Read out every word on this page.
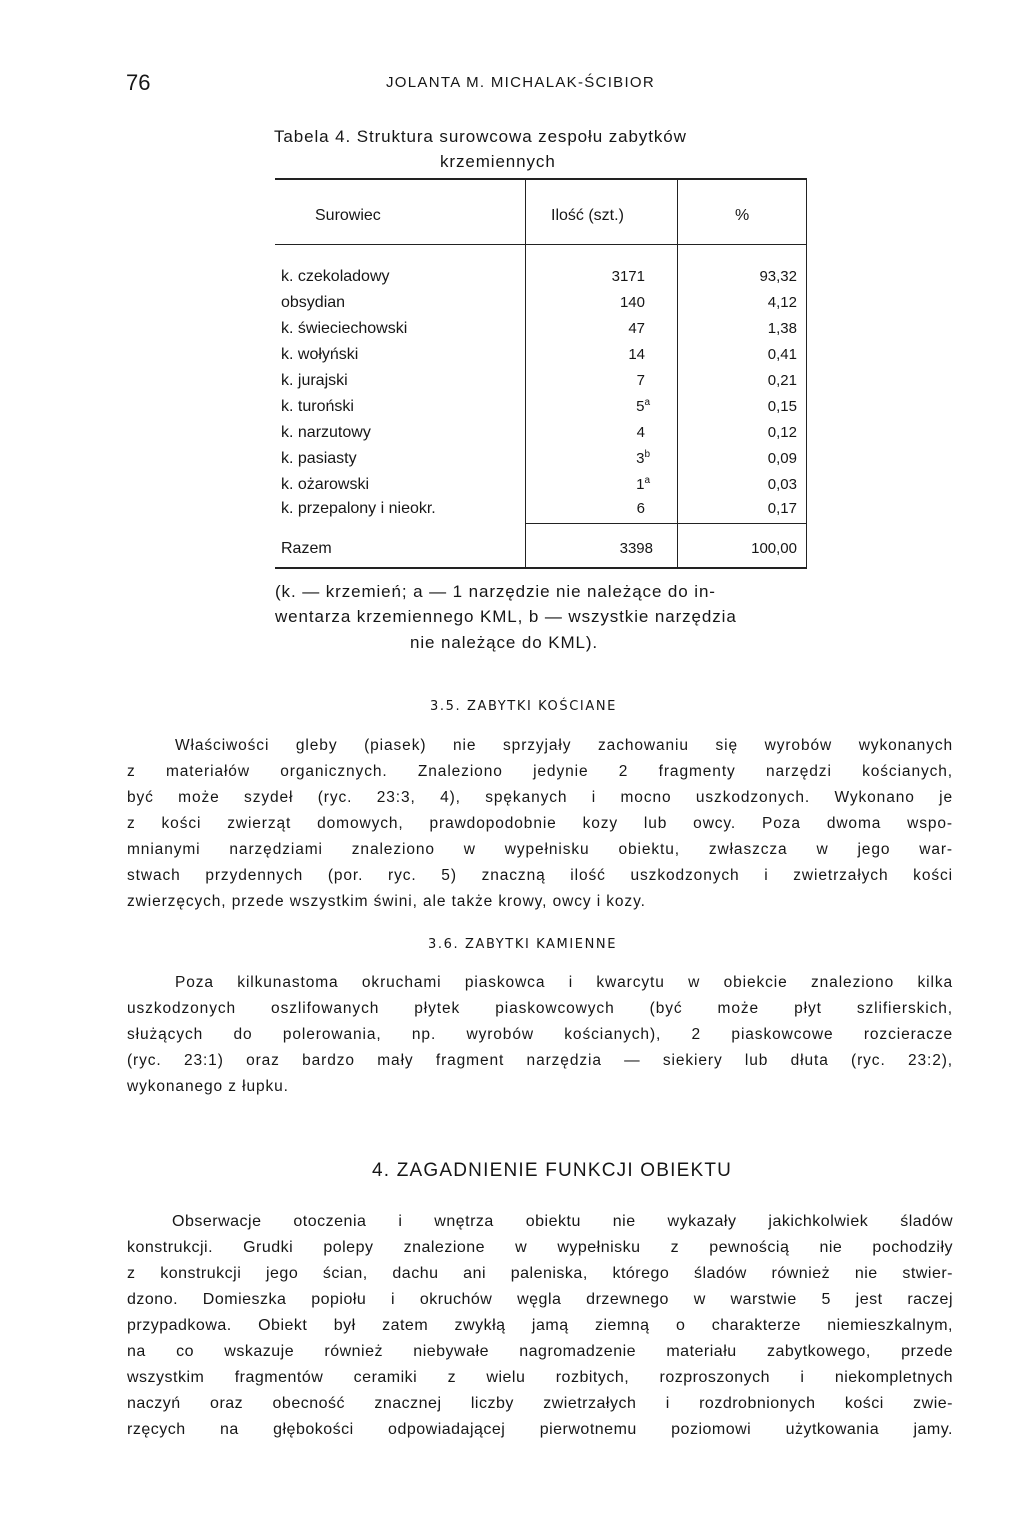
76	JOLANTA M. MICHALAK-ŚCIBIOR
Tabela 4. Struktura surowcowa zespołu zabytków
krzemiennych
Surowiec	Ilość (szt.)	%
k. czekoladowy	3171	93,32
obsydian	140	4,12
k. świeciechowski	47	1,38
k. wołyński	14	0,41
k. jurajski	7	0,21
k. turoński	5$^a$	0,15
k. narzutowy	4	0,12
k. pasiasty	3$^b$	0,09
k. ożarowski	1$^a$	0,03
k. przepalony i nieokr.	6	0,17
Razem	3398	100,00
(k. — krzemień; a — 1 narzędzie nie należące do in-
wentarza krzemiennego KML, b — wszystkie narzędzia
nie należące do KML).
3.5. ZABYTKI KOŚCIANE
Właściwości gleby (piasek) nie sprzyjały zachowaniu się wyrobów wykonanych
z materiałów organicznych. Znaleziono jedynie 2 fragmenty narzędzi kościanych,
być może szydeł (ryc. 23:3, 4), spękanych i mocno uszkodzonych. Wykonano je
z kości zwierząt domowych, prawdopodobnie kozy lub owcy. Poza dwoma wspo-
mnianymi narzędziami znaleziono w wypełnisku obiektu, zwłaszcza w jego war-
stwach przydennych (por. ryc. 5) znaczną ilość uszkodzonych i zwietrzałych kości
zwierzęcych, przede wszystkim świni, ale także krowy, owcy i kozy.
3.6. ZABYTKI KAMIENNE
Poza kilkunastoma okruchami piaskowca i kwarcytu w obiekcie znaleziono kilka
uszkodzonych oszlifowanych płytek piaskowcowych (być może płyt szlifierskich,
służących do polerowania, np. wyrobów kościanych), 2 piaskowcowe rozcieracze
(ryc. 23:1) oraz bardzo mały fragment narzędzia — siekiery lub dłuta (ryc. 23:2),
wykonanego z łupku.
4. ZAGADNIENIE FUNKCJI OBIEKTU
Obserwacje otoczenia i wnętrza obiektu nie wykazały jakichkolwiek śladów
konstrukcji. Grudki polepy znalezione w wypełnisku z pewnością nie pochodziły
z konstrukcji jego ścian, dachu ani paleniska, którego śladów również nie stwier-
dzono. Domieszka popiołu i okruchów węgla drzewnego w warstwie 5 jest raczej
przypadkowa. Obiekt był zatem zwykłą jamą ziemną o charakterze niemieszkalnym,
na co wskazuje również niebywałe nagromadzenie materiału zabytkowego, przede
wszystkim fragmentów ceramiki z wielu rozbitych, rozproszonych i niekompletnych
naczyń oraz obecność znacznej liczby zwietrzałych i rozdrobnionych kości zwie-
rzęcych na głębokości odpowiadającej pierwotnemu poziomowi użytkowania jamy.
